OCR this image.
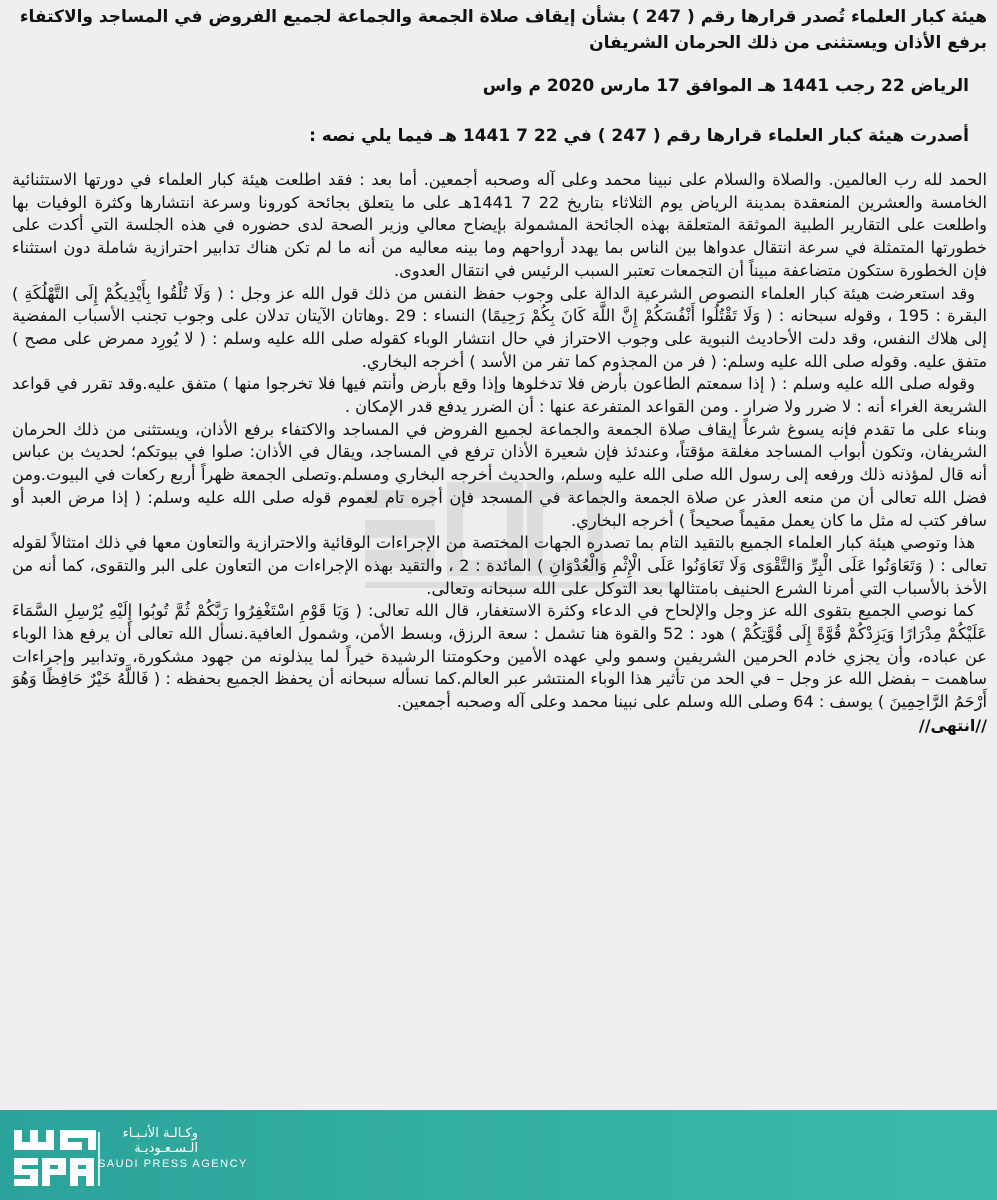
هيئة كبار العلماء تُصدر قرارها رقم ( 247 ) بشأن إيقاف صلاة الجمعة والجماعة لجميع الفروض في المساجد والاكتفاء برفع الأذان ويستثنى من ذلك الحرمان الشريفان

الرياض 22 رجب 1441 هـ الموافق 17 مارس 2020 م واس
أصدرت هيئة كبار العلماء قرارها رقم ( 247 ) في 22 7 1441 هـ فيما يلي نصه :

الحمد لله رب العالمين. والصلاة والسلام على نبينا محمد وعلى آله وصحبه أجمعين. أما بعد : فقد اطلعت هيئة كبار العلماء في دورتها الاستثنائية الخامسة والعشرين المنعقدة بمدينة الرياض يوم الثلاثاء بتاريخ 22 7 1441هـ على ما يتعلق بجائحة كورونا وسرعة انتشارها وكثرة الوفيات بها واطلعت على التقارير الطبية الموثقة المتعلقة بهذه الجائحة المشمولة بإيضاح معالي وزير الصحة لدى حضوره في هذه الجلسة التي أكدت على خطورتها المتمثلة في سرعة انتقال عدواها بين الناس بما يهدد أرواحهم وما بينه معاليه من أنه ما لم تكن هناك تدابير احترازية شاملة دون استثناء فإن الخطورة ستكون متضاعفة مبيناً أن التجمعات تعتبر السبب الرئيس في انتقال العدوى.

وقد استعرضت هيئة كبار العلماء النصوص الشرعية الدالة على وجوب حفظ النفس من ذلك قول الله عز وجل : ( وَلَا تُلْقُوا بِأَيْدِيكُمْ إِلَى التَّهْلُكَةِ ) البقرة : 195 ، وقوله سبحانه : ( وَلَا تَقْتُلُوا أَنْفُسَكُمْ إِنَّ اللَّهَ كَانَ بِكُمْ رَحِيمًا) النساء : 29 .وهاتان الآيتان تدلان على وجوب تجنب الأسباب المفضية إلى هلاك النفس، وقد دلت الأحاديث النبوية على وجوب الاحتراز في حال انتشار الوباء كقوله صلى الله عليه وسلم : ( لا يُورِد ممرض على مصح ) متفق عليه. وقوله صلى الله عليه وسلم: ( فر من المجذوم كما تفر من الأسد ) أخرجه البخاري.

وقوله صلى الله عليه وسلم : ( إذا سمعتم الطاعون بأرض فلا تدخلوها وإذا وقع بأرض وأنتم فيها فلا تخرجوا منها ) متفق عليه.وقد تقرر في قواعد الشريعة الغراء أنه : لا ضرر ولا ضرار . ومن القواعد المتفرعة عنها : أن الضرر يدفع قدر الإمكان .

وبناء على ما تقدم فإنه يسوغ شرعاً إيقاف صلاة الجمعة والجماعة لجميع الفروض في المساجد والاكتفاء برفع الأذان، ويستثنى من ذلك الحرمان الشريفان، وتكون أبواب المساجد مغلقة مؤقتاً، وعندئذ فإن شعيرة الأذان ترفع في المساجد، ويقال في الأذان: صلوا في بيوتكم؛ لحديث بن عباس أنه قال لمؤذنه ذلك ورفعه إلى رسول الله صلى الله عليه وسلم، والحديث أخرجه البخاري ومسلم.وتصلى الجمعة ظهراً أربع ركعات في البيوت.ومن فضل الله تعالى أن من منعه العذر عن صلاة الجمعة والجماعة في المسجد فإن أجره تام لعموم قوله صلى الله عليه وسلم: ( إذا مرض العبد أو سافر كتب له مثل ما كان يعمل مقيماً صحيحاً ) أخرجه البخاري.

هذا وتوصي هيئة كبار العلماء الجميع بالتقيد التام بما تصدره الجهات المختصة من الإجراءات الوقائية والاحترازية والتعاون معها في ذلك امتثالاً لقوله تعالى : ( وَتَعَاوَنُوا عَلَى الْبِرِّ وَالتَّقْوَى وَلَا تَعَاوَنُوا عَلَى الْإِثْمِ وَالْعُدْوَانِ ) المائدة : 2 ، والتقيد بهذه الإجراءات من التعاون على البر والتقوى، كما أنه من الأخذ بالأسباب التي أمرنا الشرع الحنيف بامتثالها بعد التوكل على الله سبحانه وتعالى.

كما نوصي الجميع بتقوى الله عز وجل والإلحاح في الدعاء وكثرة الاستغفار، قال الله تعالى: ( وَيَا قَوْمِ اسْتَغْفِرُوا رَبَّكُمْ ثُمَّ تُوبُوا إِلَيْهِ يُرْسِلِ السَّمَاءَ عَلَيْكُمْ مِدْرَارًا وَيَزِدْكُمْ قُوَّةً إِلَى قُوَّتِكُمْ ) هود : 52 والقوة هنا تشمل : سعة الرزق، وبسط الأمن، وشمول العافية.نسأل الله تعالى أن يرفع هذا الوباء عن عباده، وأن يجزي خادم الحرمين الشريفين وسمو ولي عهده الأمين وحكومتنا الرشيدة خيراً لما يبذلونه من جهود مشكورة، وتدابير وإجراءات ساهمت – بفضل الله عز وجل – في الحد من تأثير هذا الوباء المنتشر عبر العالم.كما نسأله سبحانه أن يحفظ الجميع بحفظه : ( فَاللَّهُ خَيْرٌ حَافِظًا وَهُوَ أَرْحَمُ الرَّاحِمِينَ ) يوسف : 64 وصلى الله وسلم على نبينا محمد وعلى آله وصحبه أجمعين.

//انتهى//
وكـالـة الأنـبـاء
الـسـعـوديـة
SAUDI PRESS AGENCY
